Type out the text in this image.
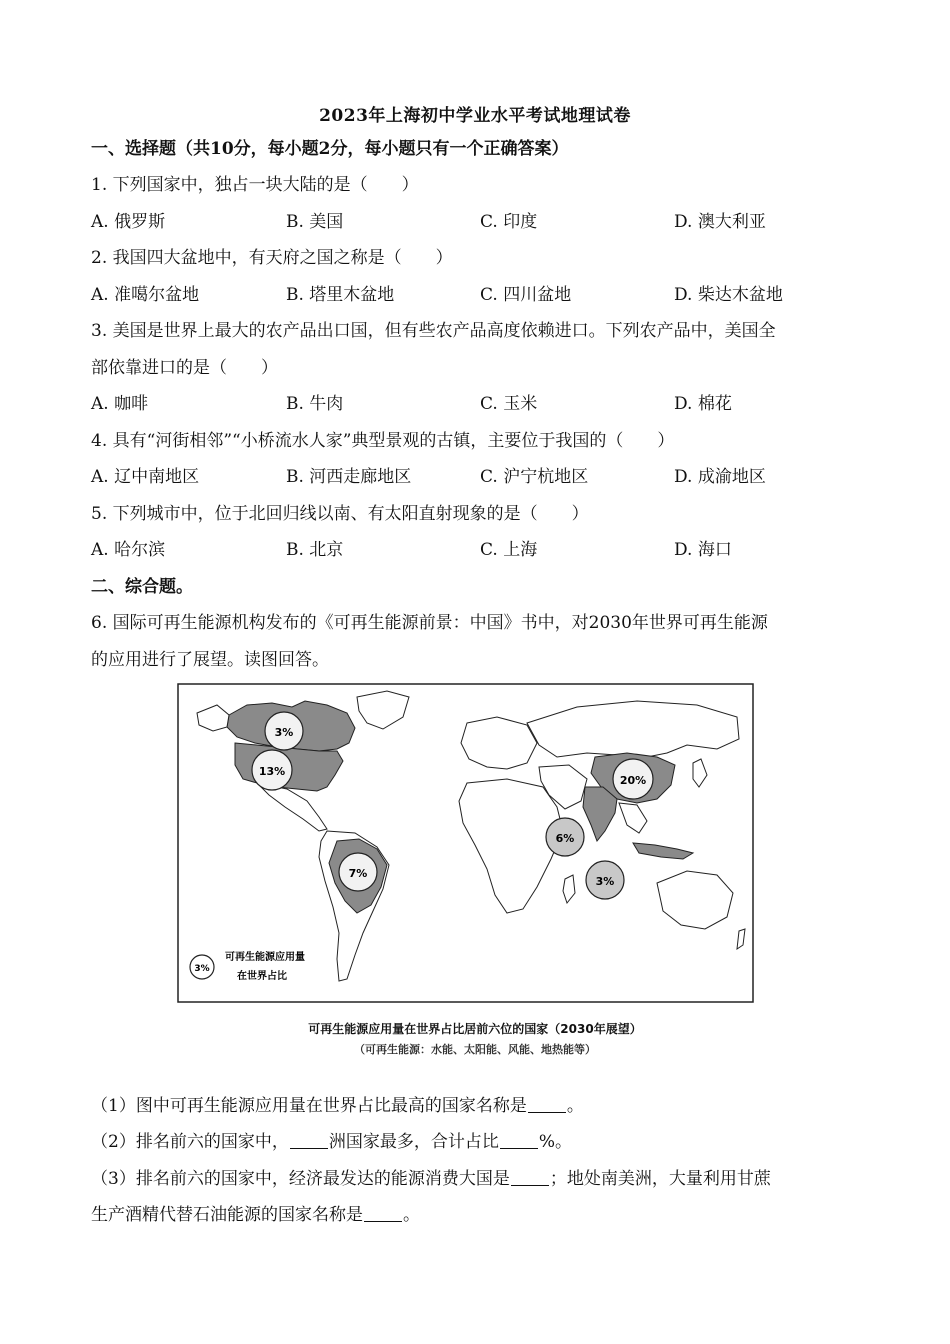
2023年上海初中学业水平考试地理试卷
一、选择题（共10分，每小题2分，每小题只有一个正确答案）
1. 下列国家中，独占一块大陆的是（　　）
A. 俄罗斯	B. 美国	C. 印度	D. 澳大利亚
2. 我国四大盆地中，有天府之国之称是（　　）
A. 准噶尔盆地	B. 塔里木盆地	C. 四川盆地	D. 柴达木盆地
3. 美国是世界上最大的农产品出口国，但有些农产品高度依赖进口。下列农产品中，美国全
部依靠进口的是（　　）
A. 咖啡	B. 牛肉	C. 玉米	D. 棉花
4. 具有“河街相邻”“小桥流水人家”典型景观的古镇，主要位于我国的（　　）
A. 辽中南地区	B. 河西走廊地区	C. 沪宁杭地区	D. 成渝地区
5. 下列城市中，位于北回归线以南、有太阳直射现象的是（　　）
A. 哈尔滨	B. 北京	C. 上海	D. 海口
二、综合题。
6. 国际可再生能源机构发布的《可再生能源前景：中国》书中，对2030年世界可再生能源
的应用进行了展望。读图回答。
3%
13%
7%
6%
3%
20%
3%
可再生能源应用量
在世界占比
可再生能源应用量在世界占比居前六位的国家（2030年展望）
（可再生能源：水能、太阳能、风能、地热能等）
（1）图中可再生能源应用量在世界占比最高的国家名称是 。
（2）排名前六的国家中， 洲国家最多，合计占比 %。
（3）排名前六的国家中，经济最发达的能源消费大国是 ；地处南美洲，大量利用甘蔗
生产酒精代替石油能源的国家名称是 。
